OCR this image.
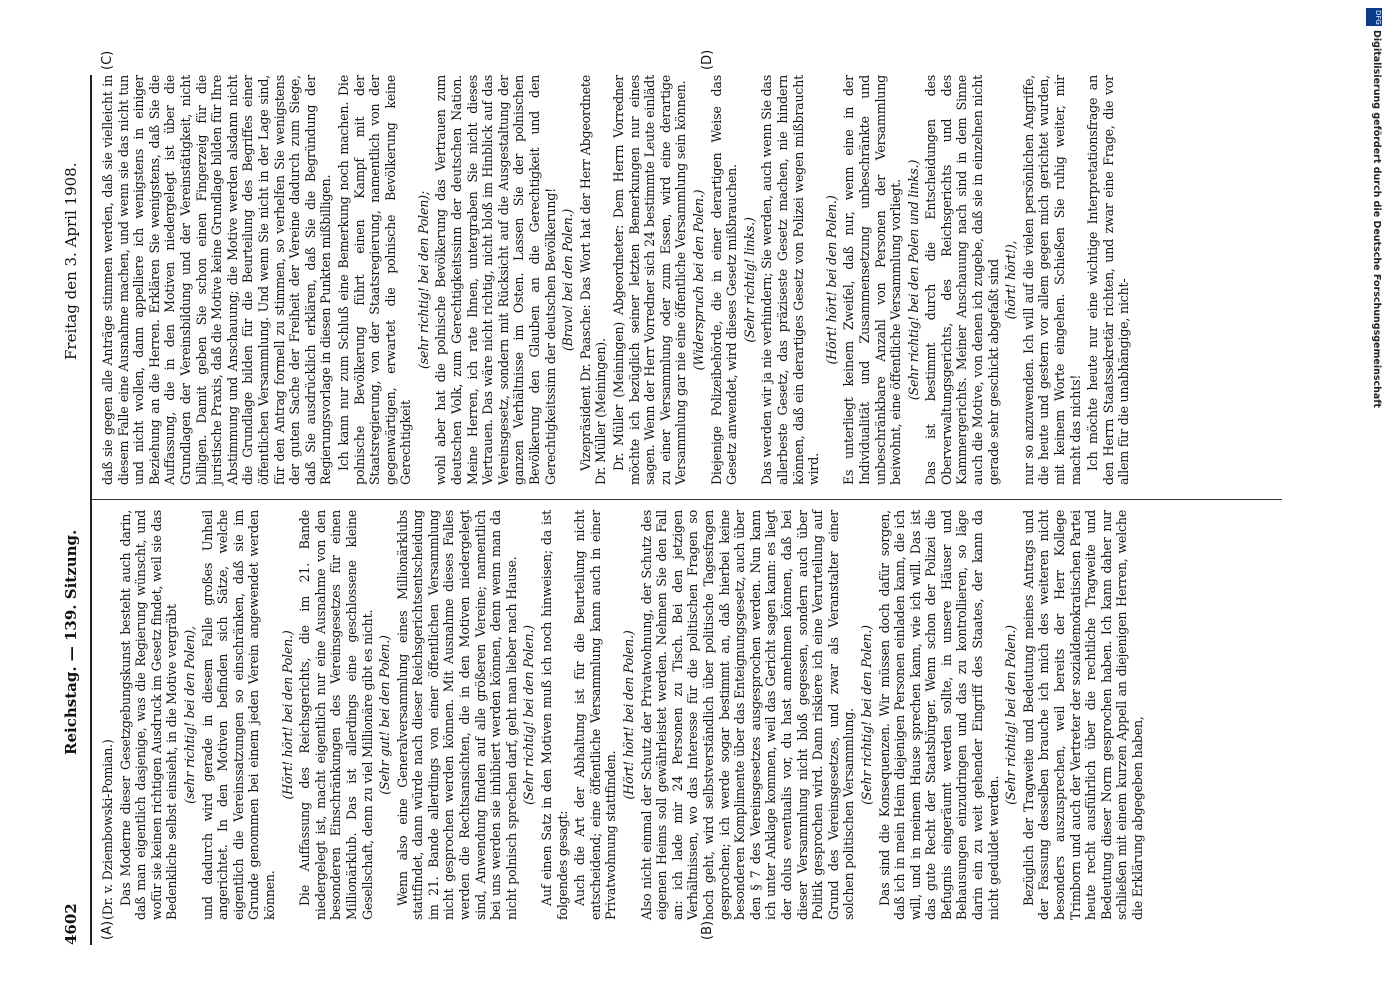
4602
Reichstag. — 139. Sitzung.
Freitag den 3. April 1908.
(A)	(B)
(C)	(D)

(Dr. v. Dziembowski-Pomian.) Das Moderne dieser Gesetzgebungskunst besteht auch darin, daß man eigentlich dasjenige, was die Regierung wünscht, und wofür sie keinen richtigen Ausdruck im Gesetz findet, weil sie das Bedenkliche selbst einsieht, in die Motive vergräbt (sehr richtig! bei den Polen), und dadurch wird gerade in diesem Falle großes Unheil angerichtet. In den Motiven befinden sich Sätze, welche eigentlich die Vereinssatzungen so einschränken, daß sie im Grunde genommen bei einem jeden Verein angewendet werden können.

(Hört! hört! bei den Polen.) Die Auffassung des Reichsgerichts, die im 21. Bande niedergelegt ist, macht eigentlich nur eine Ausnahme von den besonderen Einschränkungen des Vereinsgesetzes für einen Millionärklub. Das ist allerdings eine geschlossene kleine Gesellschaft, denn zu viel Millionäre gibt es nicht. (Sehr gut! bei den Polen.) Wenn also eine Generalversammlung eines Millionärklubs stattfindet, dann würde nach dieser Reichsgerichtsentscheidung im 21. Bande allerdings von einer öffentlichen Versammlung nicht gesprochen werden können. Mit Ausnahme dieses Falles werden die Rechtsansichten, die in den Motiven niedergelegt sind, Anwendung finden auf alle größeren Vereine; namentlich bei uns werden sie inhibiert werden können, denn wenn man da nicht polnisch sprechen darf, geht man lieber nach Hause. (Sehr richtig! bei den Polen.) Auf einen Satz in den Motiven muß ich noch hinweisen; da ist folgendes gesagt: Auch die Art der Abhaltung ist für die Beurteilung nicht entscheidend; eine öffentliche Versammlung kann auch in einer Privatwohnung stattfinden.

(Hört! hört! bei den Polen.) Also nicht einmal der Schutz der Privatwohnung, der Schutz des eigenen Heims soll gewährleistet werden. Nehmen Sie den Fall an: ich lade mir 24 Personen zu Tisch. Bei den jetzigen Verhältnissen, wo das Interesse für die politischen Fragen so hoch geht, wird selbstverständlich über politische Tagesfragen gesprochen; ich werde sogar bestimmt an, daß hierbei keine besonderen Komplimente über das Enteignungsgesetz, auch über den § 7 des Vereinsgesetzes ausgesprochen werden. Nun kann ich unter Anklage kommen, weil das Gericht sagen kann: es liegt der dolus eventualis vor, du hast annehmen können, daß bei dieser Versammlung nicht bloß gegessen, sondern auch über Politik gesprochen wird. Dann riskiere ich eine Verurteilung auf Grund des Vereinsgesetzes, und zwar als Veranstalter einer solchen politischen Versammlung. (Sehr richtig! bei den Polen.) Das sind die Konsequenzen. Wir müssen doch dafür sorgen, daß ich in mein Heim diejenigen Personen einladen kann, die ich will, und in meinem Hause sprechen kann, wie ich will. Das ist das gute Recht der Staatsbürger. Wenn schon der Polizei die Befugnis eingeräumt werden sollte, in unsere Häuser und Behausungen einzudringen und das zu kontrollieren, so läge darin ein zu weit gehender Eingriff des Staates, der kann da nicht geduldet werden.

(Sehr richtig! bei den Polen.) Bezüglich der Tragweite und Bedeutung meines Antrags und der Fassung desselben brauche ich mich des weiteren nicht besonders auszusprechen, weil bereits der Herr Kollege Trimborn und auch der Vertreter der sozialdemokratischen Partei heute recht ausführlich über die rechtliche Tragweite und Bedeutung dieser Norm gesprochen haben. Ich kann daher nur schließen mit einem kurzen Appell an diejenigen Herren, welche die Erklärung abgegeben haben,

daß sie gegen alle Anträge stimmen werden, daß sie vielleicht in diesem Falle eine Ausnahme machen, und wenn sie das nicht tun und nicht wollen, dann appelliere ich wenigstens in einiger Beziehung an die Herren. Erklären Sie wenigstens, daß Sie die Auffassung, die in den Motiven niedergelegt ist über die Grundlagen der Vereinsbildung und der Vereinstätigkeit, nicht billigen. Damit geben Sie schon einen Fingerzeig für die juristische Praxis, daß die Motive keine Grundlage bilden für Ihre Abstimmung und Anschauung; die Motive werden alsdann nicht die Grundlage bilden für die Beurteilung des Begriffes einer öffentlichen Versammlung. Und wenn Sie nicht in der Lage sind, für den Antrag formell zu stimmen, so verhelfen Sie wenigstens der guten Sache der Freiheit der Vereine dadurch zum Siege, daß Sie ausdrücklich erklären, daß Sie die Begründung der Regierungsvorlage in diesen Punkten mißbilligen. Ich kann nur zum Schluß eine Bemerkung noch machen. Die polnische Bevölkerung führt einen Kampf mit der Staatsregierung, von der Staatsregierung, namentlich von der gegenwärtigen, erwartet die polnische Bevölkerung keine Gerechtigkeit

(sehr richtig! bei den Polen); wohl aber hat die polnische Bevölkerung das Vertrauen zum deutschen Volk, zum Gerechtigkeitssinn der deutschen Nation. Meine Herren, ich rate Ihnen, untergraben Sie nicht dieses Vertrauen. Das wäre nicht richtig, nicht bloß im Hinblick auf das Vereinsgesetz, sondern mit Rücksicht auf die Ausgestaltung der ganzen Verhältnisse im Osten. Lassen Sie der polnischen Bevölkerung den Glauben an die Gerechtigkeit und den Gerechtigkeitssinn der deutschen Bevölkerung! (Bravo! bei den Polen.) Vizepräsident Dr. Paasche: Das Wort hat der Herr Abgeordnete Dr. Müller (Meiningen). Dr. Müller (Meiningen) Abgeordneter: Dem Herrn Vorredner möchte ich bezüglich seiner letzten Bemerkungen nur eines sagen. Wenn der Herr Vorredner sich 24 bestimmte Leute einlädt zu einer Versammlung oder zum Essen, wird eine derartige Versammlung gar nie eine öffentliche Versammlung sein können. (Widerspruch bei den Polen.) Diejenige Polizeibehörde, die in einer derartigen Weise das Gesetz anwendet, wird dieses Gesetz mißbrauchen. (Sehr richtig! links.) Das werden wir ja nie verhindern; Sie werden, auch wenn Sie das allerbeste Gesetz, das präziseste Gesetz machen, nie hindern können, daß ein derartiges Gesetz von Polizei wegen mißbraucht wird.

(Hört! hört! bei den Polen.) Es unterliegt keinem Zweifel, daß nur, wenn eine in der Individualität und Zusammensetzung unbeschränkte und unbeschränkbare Anzahl von Personen der Versammlung beiwohnt, eine öffentliche Versammlung vorliegt. (Sehr richtig! bei den Polen und links.) Das ist bestimmt durch die Entscheidungen des Oberverwaltungsgerichts, des Reichsgerichts und des Kammergerichts. Meiner Anschauung nach sind in dem Sinne auch die Motive, von denen ich zugebe, daß sie in einzelnen nicht gerade sehr geschickt abgefaßt sind (hört! hört!), nur so anzuwenden. Ich will auf die vielen persönlichen Angriffe, die heute und gestern vor allem gegen mich gerichtet wurden, mit keinem Worte eingehen. Schießen Sie ruhig weiter, mir macht das nichts! Ich möchte heute nur eine wichtige Interpretationsfrage an den Herrn Staatssekretär richten, und zwar eine Frage, die vor allem für die unabhängige, nicht-

DFG
Digitalisierung gefördert durch die Deutsche Forschungsgemeinschaft
